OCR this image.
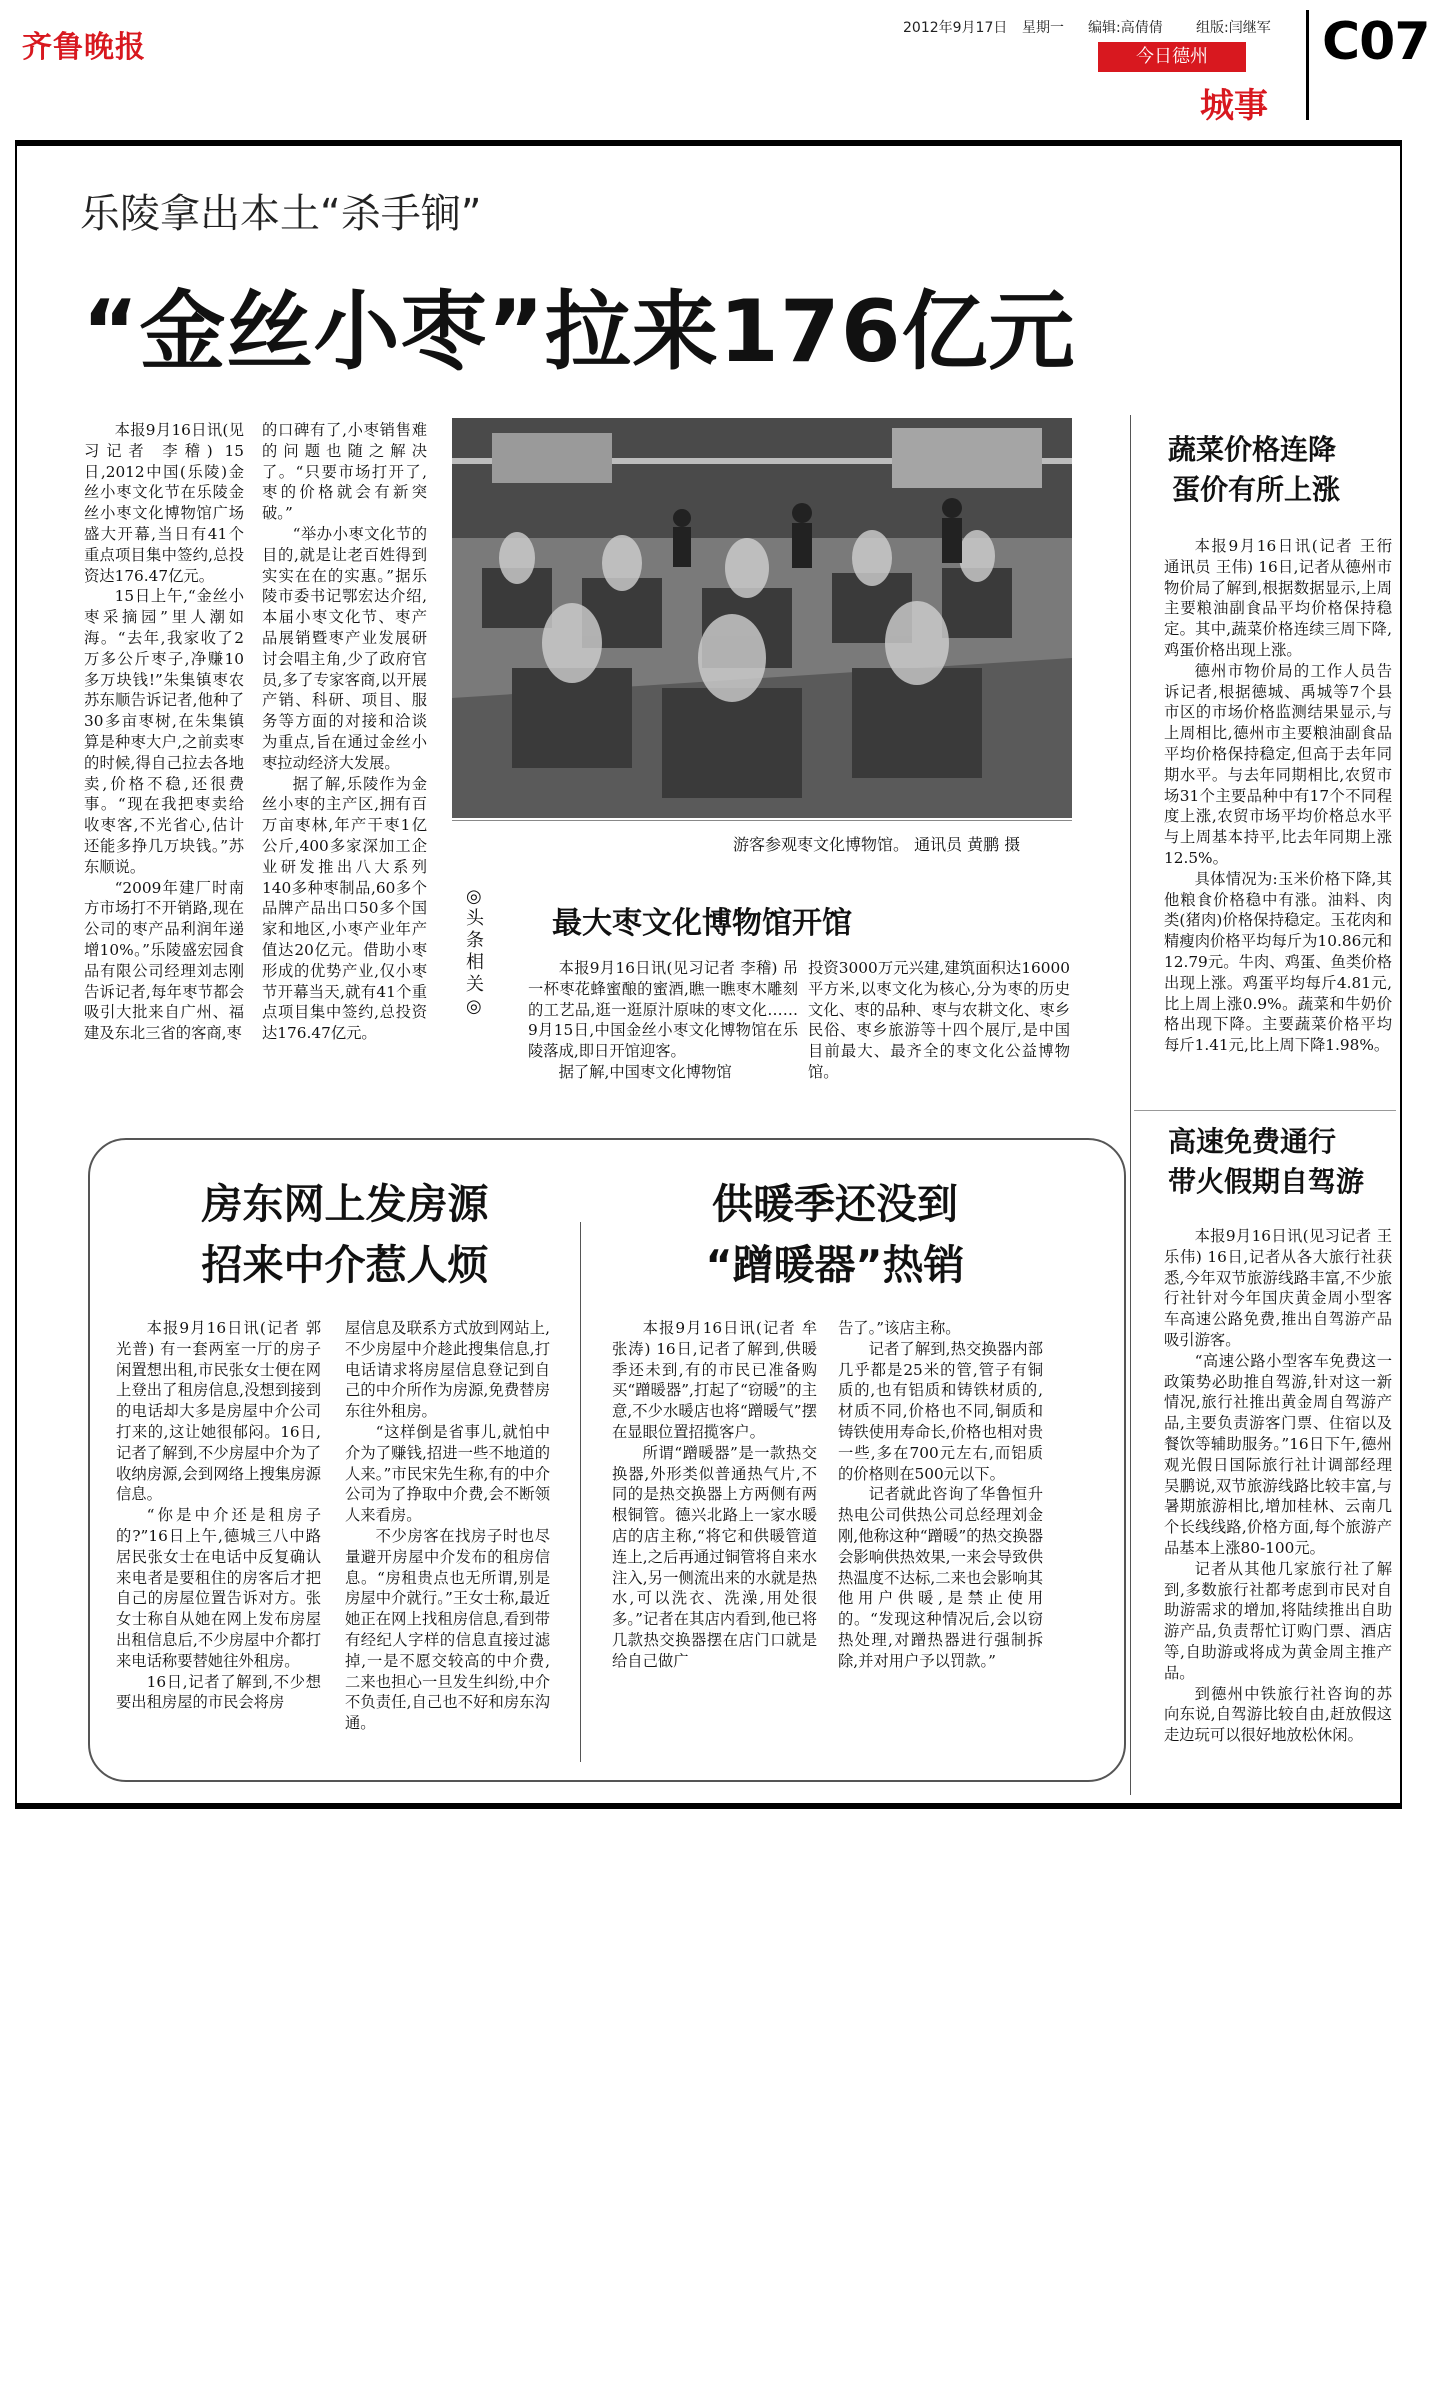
齐鲁晚报
2012年9月17日 星期一 编辑:高倩倩 组版:闫继军
今日德州
城事
C07
乐陵拿出本土“杀手锏”
“金丝小枣”拉来176亿元

本报9月16日讯(见习记者 李稽) 15日,2012中国(乐陵)金丝小枣文化节在乐陵金丝小枣文化博物馆广场盛大开幕,当日有41个重点项目集中签约,总投资达176.47亿元。

15日上午,“金丝小枣采摘园”里人潮如海。“去年,我家收了2万多公斤枣子,净赚10多万块钱!”朱集镇枣农苏东顺告诉记者,他种了30多亩枣树,在朱集镇算是种枣大户,之前卖枣的时候,得自己拉去各地卖,价格不稳,还很费事。“现在我把枣卖给收枣客,不光省心,估计还能多挣几万块钱。”苏东顺说。

“2009年建厂时南方市场打不开销路,现在公司的枣产品利润年递增10%。”乐陵盛宏园食品有限公司经理刘志刚告诉记者,每年枣节都会吸引大批来自广州、福建及东北三省的客商,枣

的口碑有了,小枣销售难的问题也随之解决了。“只要市场打开了,枣的价格就会有新突破。”

“举办小枣文化节的目的,就是让老百姓得到实实在在的实惠。”据乐陵市委书记鄂宏达介绍,本届小枣文化节、枣产品展销暨枣产业发展研讨会唱主角,少了政府官员,多了专家客商,以开展产销、科研、项目、服务等方面的对接和洽谈为重点,旨在通过金丝小枣拉动经济大发展。

据了解,乐陵作为金丝小枣的主产区,拥有百万亩枣林,年产干枣1亿公斤,400多家深加工企业研发推出八大系列140多种枣制品,60多个品牌产品出口50多个国家和地区,小枣产业年产值达20亿元。借助小枣形成的优势产业,仅小枣节开幕当天,就有41个重点项目集中签约,总投资达176.47亿元。

游客参观枣文化博物馆。 通讯员 黄鹏 摄
◎头条相关◎
最大枣文化博物馆开馆

本报9月16日讯(见习记者 李稽) 吊一杯枣花蜂蜜酿的蜜酒,瞧一瞧枣木雕刻的工艺品,逛一逛原汁原味的枣文化……9月15日,中国金丝小枣文化博物馆在乐陵落成,即日开馆迎客。

据了解,中国枣文化博物馆

投资3000万元兴建,建筑面积达16000平方米,以枣文化为核心,分为枣的历史文化、枣的品种、枣与农耕文化、枣乡民俗、枣乡旅游等十四个展厅,是中国目前最大、最齐全的枣文化公益博物馆。

蔬菜价格连降
蛋价有所上涨

本报9月16日讯(记者 王衎 通讯员 王伟) 16日,记者从德州市物价局了解到,根据数据显示,上周主要粮油副食品平均价格保持稳定。其中,蔬菜价格连续三周下降,鸡蛋价格出现上涨。

德州市物价局的工作人员告诉记者,根据德城、禹城等7个县市区的市场价格监测结果显示,与上周相比,德州市主要粮油副食品平均价格保持稳定,但高于去年同期水平。与去年同期相比,农贸市场31个主要品种中有17个不同程度上涨,农贸市场平均价格总水平与上周基本持平,比去年同期上涨12.5%。

具体情况为:玉米价格下降,其他粮食价格稳中有涨。油料、肉类(猪肉)价格保持稳定。玉花肉和精瘦肉价格平均每斤为10.86元和12.79元。牛肉、鸡蛋、鱼类价格出现上涨。鸡蛋平均每斤4.81元,比上周上涨0.9%。蔬菜和牛奶价格出现下降。主要蔬菜价格平均每斤1.41元,比上周下降1.98%。

高速免费通行
带火假期自驾游

本报9月16日讯(见习记者 王乐伟) 16日,记者从各大旅行社获悉,今年双节旅游线路丰富,不少旅行社针对今年国庆黄金周小型客车高速公路免费,推出自驾游产品吸引游客。

“高速公路小型客车免费这一政策势必助推自驾游,针对这一新情况,旅行社推出黄金周自驾游产品,主要负责游客门票、住宿以及餐饮等辅助服务。”16日下午,德州观光假日国际旅行社计调部经理吴鹏说,双节旅游线路比较丰富,与暑期旅游相比,增加桂林、云南几个长线线路,价格方面,每个旅游产品基本上涨80-100元。

记者从其他几家旅行社了解到,多数旅行社都考虑到市民对自助游需求的增加,将陆续推出自助游产品,负责帮忙订购门票、酒店等,自助游或将成为黄金周主推产品。

到德州中铁旅行社咨询的苏向东说,自驾游比较自由,赶放假这走边玩可以很好地放松休闲。

房东网上发房源
招来中介惹人烦

本报9月16日讯(记者 郭光普) 有一套两室一厅的房子闲置想出租,市民张女士便在网上登出了租房信息,没想到接到的电话却大多是房屋中介公司打来的,这让她很郁闷。16日,记者了解到,不少房屋中介为了收纳房源,会到网络上搜集房源信息。

“你是中介还是租房子的?”16日上午,德城三八中路居民张女士在电话中反复确认来电者是要租住的房客后才把自己的房屋位置告诉对方。张女士称自从她在网上发布房屋出租信息后,不少房屋中介都打来电话称要替她往外租房。

16日,记者了解到,不少想要出租房屋的市民会将房

屋信息及联系方式放到网站上,不少房屋中介趁此搜集信息,打电话请求将房屋信息登记到自己的中介所作为房源,免费替房东往外租房。

“这样倒是省事儿,就怕中介为了赚钱,招进一些不地道的人来。”市民宋先生称,有的中介公司为了挣取中介费,会不断领人来看房。

不少房客在找房子时也尽量避开房屋中介发布的租房信息。“房租贵点也无所谓,别是房屋中介就行。”王女士称,最近她正在网上找租房信息,看到带有经纪人字样的信息直接过滤掉,一是不愿交较高的中介费,二来也担心一旦发生纠纷,中介不负责任,自己也不好和房东沟通。

供暖季还没到
“蹭暖器”热销

本报9月16日讯(记者 牟张涛) 16日,记者了解到,供暖季还未到,有的市民已准备购买“蹭暖器”,打起了“窃暖”的主意,不少水暖店也将“蹭暖气”摆在显眼位置招揽客户。

所谓“蹭暖器”是一款热交换器,外形类似普通热气片,不同的是热交换器上方两侧有两根铜管。德兴北路上一家水暖店的店主称,“将它和供暖管道连上,之后再通过铜管将自来水注入,另一侧流出来的水就是热水,可以洗衣、洗澡,用处很多。”记者在其店内看到,他已将几款热交换器摆在店门口就是给自己做广

告了。”该店主称。

记者了解到,热交换器内部几乎都是25米的管,管子有铜质的,也有铝质和铸铁材质的,材质不同,价格也不同,铜质和铸铁使用寿命长,价格也相对贵一些,多在700元左右,而铝质的价格则在500元以下。

记者就此咨询了华鲁恒升热电公司供热公司总经理刘金刚,他称这种“蹭暖”的热交换器会影响供热效果,一来会导致供热温度不达标,二来也会影响其他用户供暖,是禁止使用的。“发现这种情况后,会以窃热处理,对蹭热器进行强制拆除,并对用户予以罚款。”
